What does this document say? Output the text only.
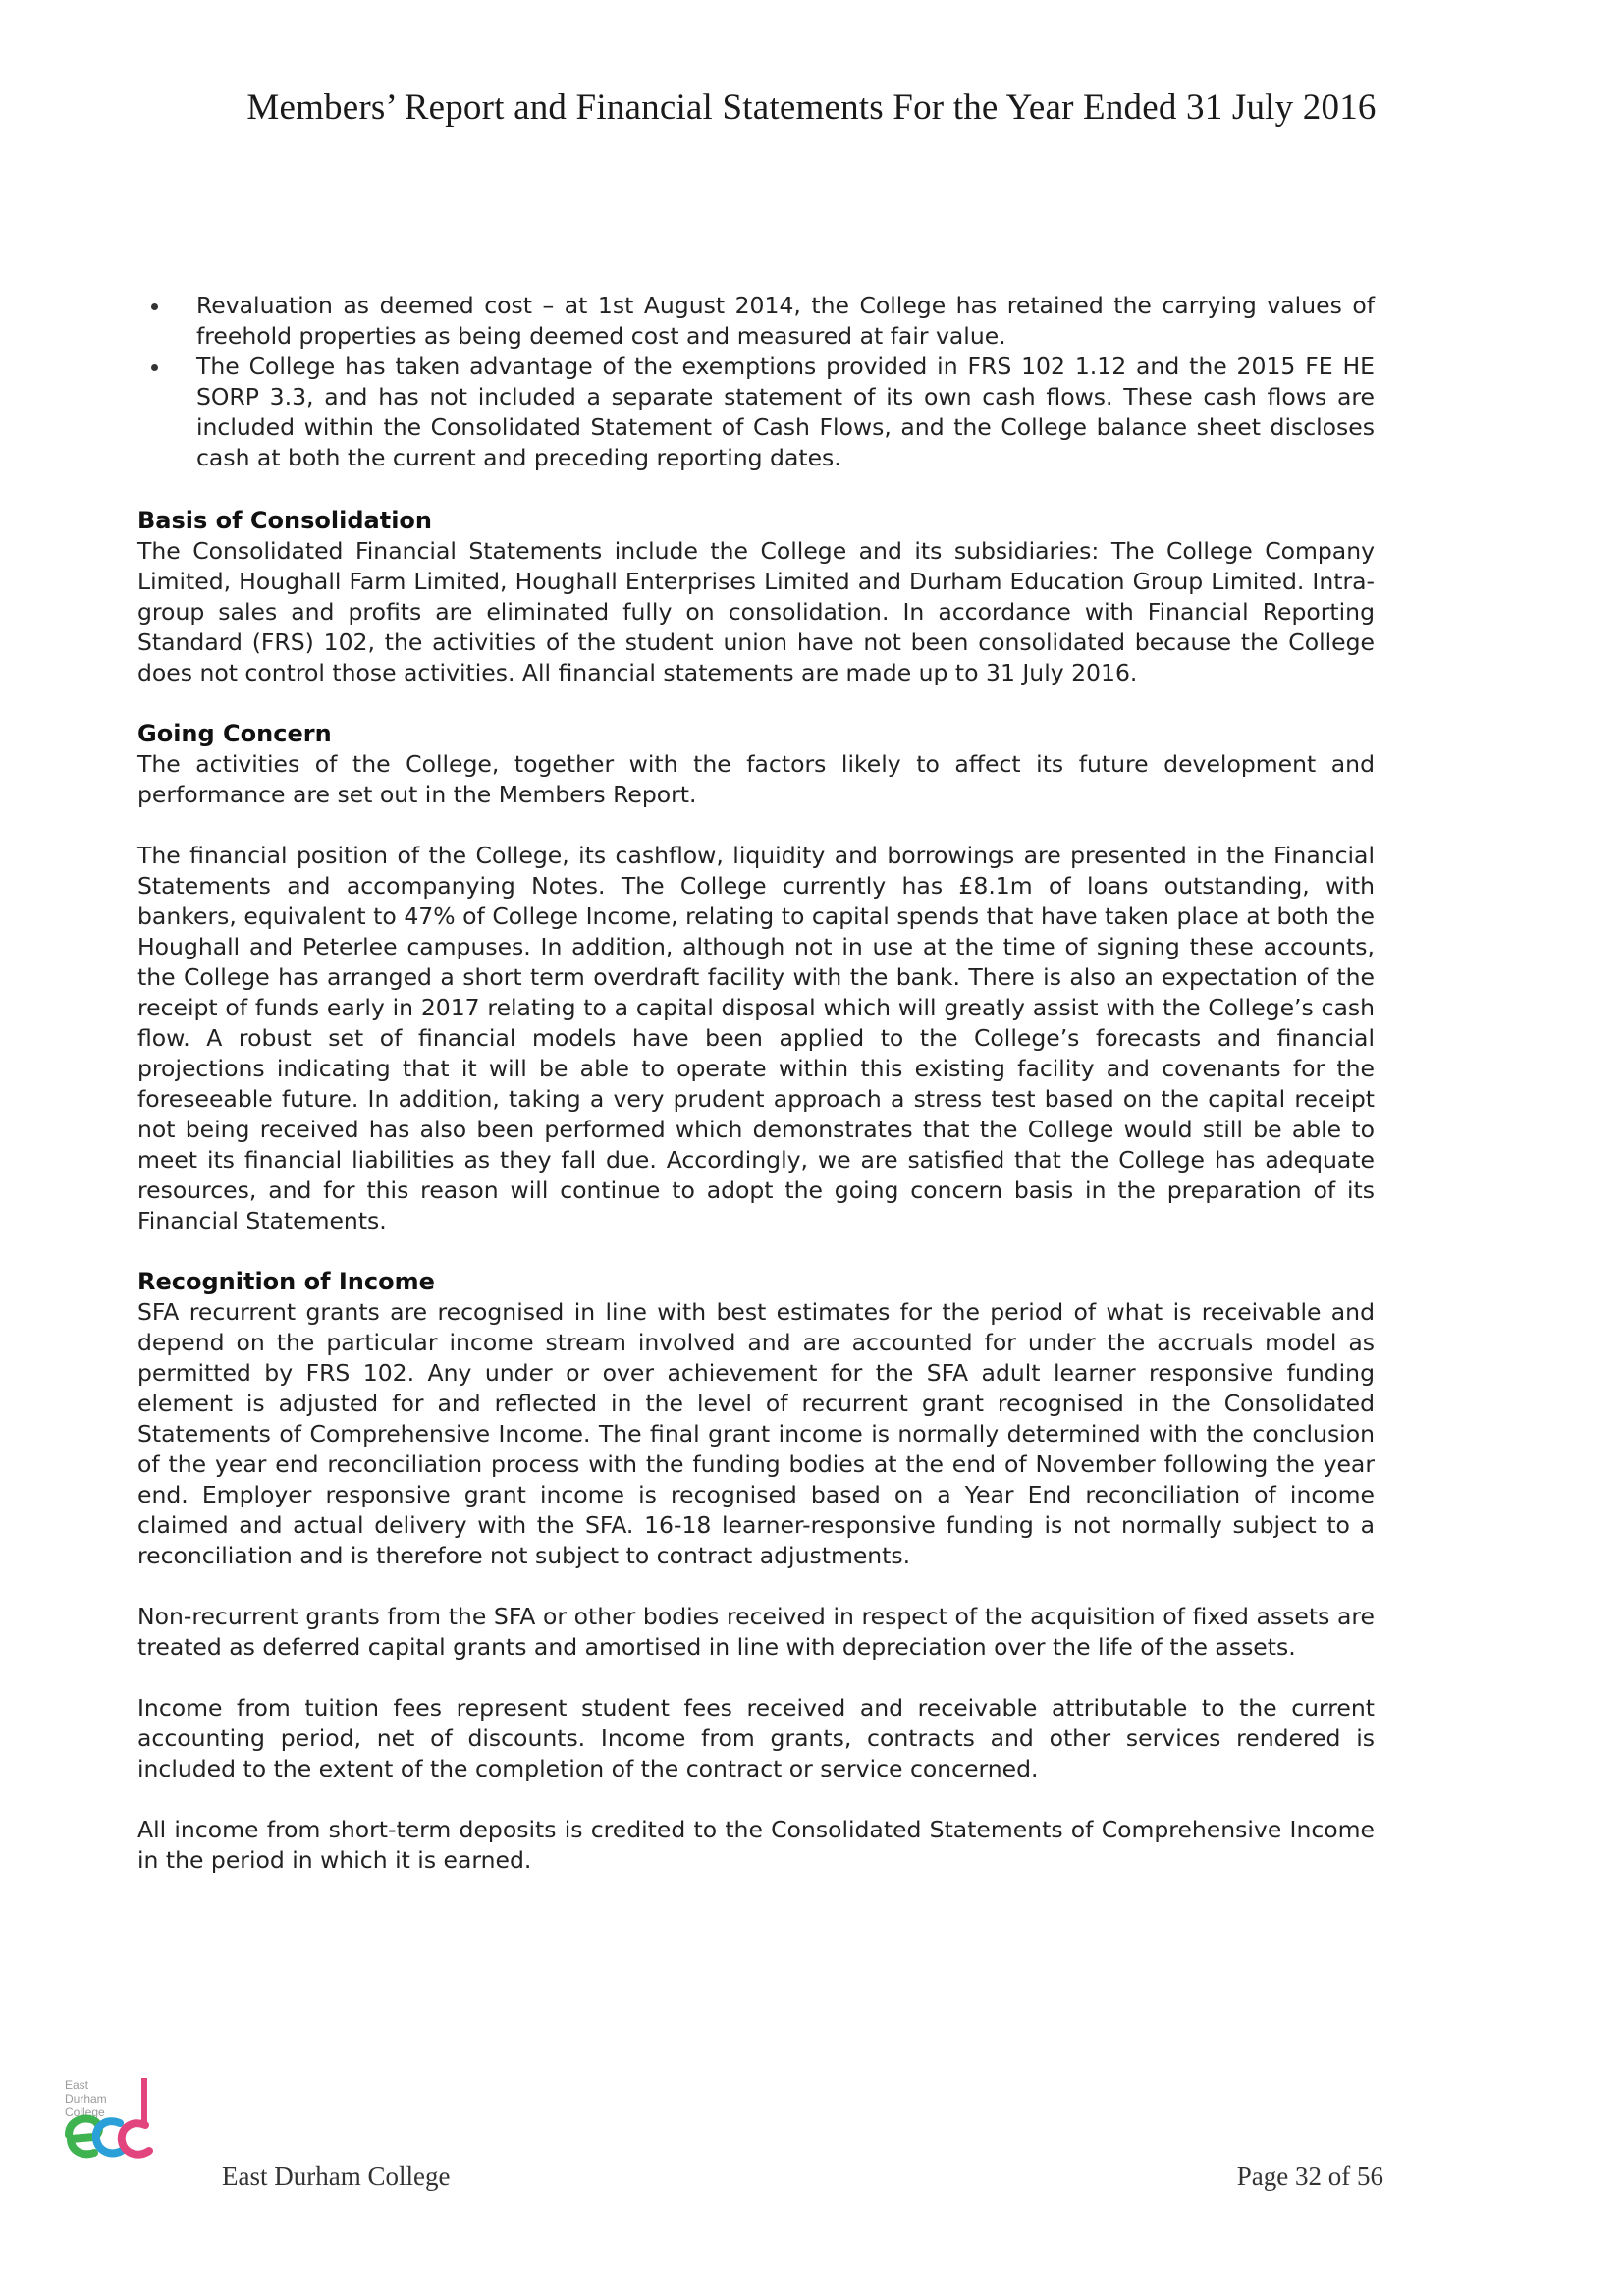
Members’ Report and Financial Statements For the Year Ended 31 July 2016
Revaluation as deemed cost – at 1st August 2014, the College has retained the carrying values of freehold properties as being deemed cost and measured at fair value.
The College has taken advantage of the exemptions provided in FRS 102 1.12 and the 2015 FE HE SORP 3.3, and has not included a separate statement of its own cash flows. These cash flows are included within the Consolidated Statement of Cash Flows, and the College balance sheet discloses cash at both the current and preceding reporting dates.
Basis of Consolidation

The Consolidated Financial Statements include the College and its subsidiaries: The College Company Limited, Houghall Farm Limited, Houghall Enterprises Limited and Durham Education Group Limited. Intra-group sales and profits are eliminated fully on consolidation. In accordance with Financial Reporting Standard (FRS) 102, the activities of the student union have not been consolidated because the College does not control those activities. All financial statements are made up to 31 July 2016.

Going Concern

The activities of the College, together with the factors likely to affect its future development and performance are set out in the Members Report.

The financial position of the College, its cashflow, liquidity and borrowings are presented in the Financial Statements and accompanying Notes. The College currently has £8.1m of loans outstanding, with bankers, equivalent to 47% of College Income, relating to capital spends that have taken place at both the Houghall and Peterlee campuses. In addition, although not in use at the time of signing these accounts, the College has arranged a short term overdraft facility with the bank. There is also an expectation of the receipt of funds early in 2017 relating to a capital disposal which will greatly assist with the College’s cash flow. A robust set of financial models have been applied to the College’s forecasts and financial projections indicating that it will be able to operate within this existing facility and covenants for the foreseeable future. In addition, taking a very prudent approach a stress test based on the capital receipt not being received has also been performed which demonstrates that the College would still be able to meet its financial liabilities as they fall due. Accordingly, we are satisfied that the College has adequate resources, and for this reason will continue to adopt the going concern basis in the preparation of its Financial Statements.

Recognition of Income

SFA recurrent grants are recognised in line with best estimates for the period of what is receivable and depend on the particular income stream involved and are accounted for under the accruals model as permitted by FRS 102. Any under or over achievement for the SFA adult learner responsive funding element is adjusted for and reflected in the level of recurrent grant recognised in the Consolidated Statements of Comprehensive Income. The final grant income is normally determined with the conclusion of the year end reconciliation process with the funding bodies at the end of November following the year end. Employer responsive grant income is recognised based on a Year End reconciliation of income claimed and actual delivery with the SFA. 16-18 learner-responsive funding is not normally subject to a reconciliation and is therefore not subject to contract adjustments.

Non-recurrent grants from the SFA or other bodies received in respect of the acquisition of fixed assets are treated as deferred capital grants and amortised in line with depreciation over the life of the assets.

Income from tuition fees represent student fees received and receivable attributable to the current accounting period, net of discounts. Income from grants, contracts and other services rendered is included to the extent of the completion of the contract or service concerned.

All income from short-term deposits is credited to the Consolidated Statements of Comprehensive Income in the period in which it is earned.

East
Durham
College
East Durham College	Page 32 of 56
